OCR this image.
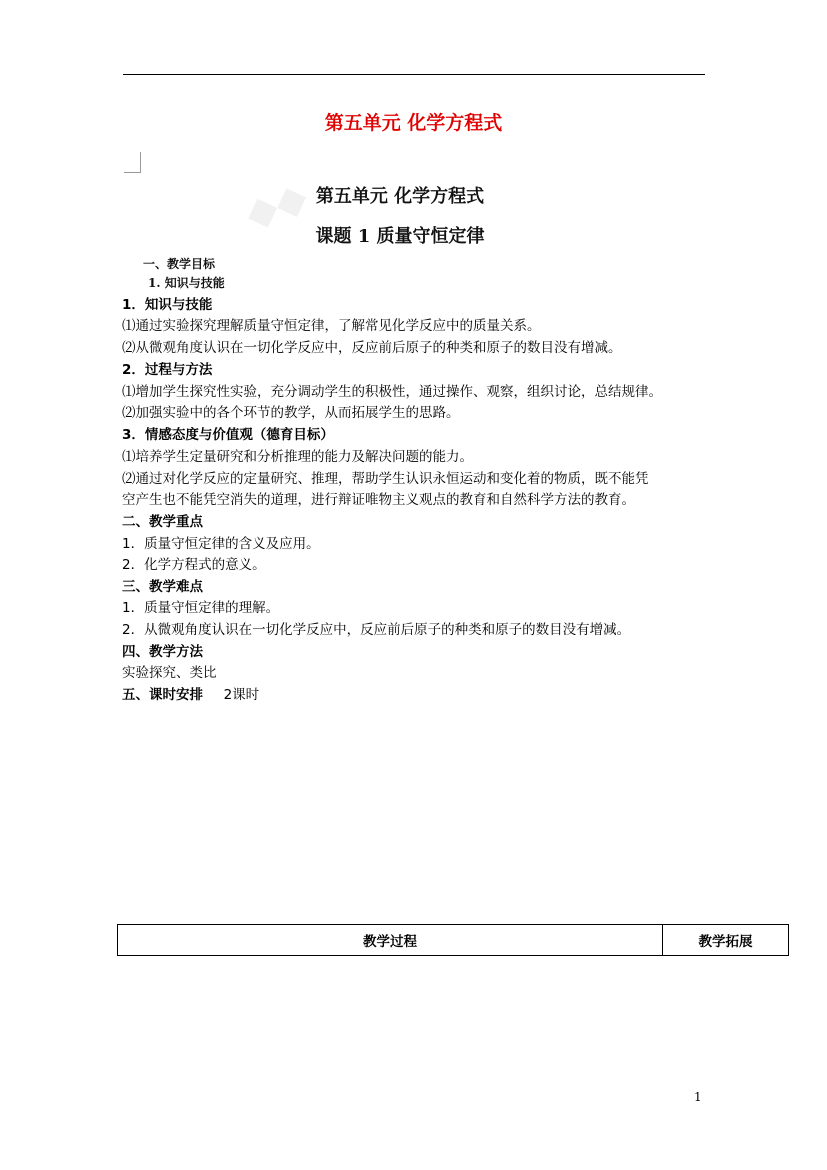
第五单元 化学方程式
◆◆ 第五单元 化学方程式
课题 1 质量守恒定律
一、教学目标
1. 知识与技能
1．知识与技能
⑴通过实验探究理解质量守恒定律，了解常见化学反应中的质量关系。
⑵从微观角度认识在一切化学反应中，反应前后原子的种类和原子的数目没有增减。
2．过程与方法
⑴增加学生探究性实验，充分调动学生的积极性，通过操作、观察，组织讨论，总结规律。
⑵加强实验中的各个环节的教学，从而拓展学生的思路。
3．情感态度与价值观（德育目标）
⑴培养学生定量研究和分析推理的能力及解决问题的能力。
⑵通过对化学反应的定量研究、推理，帮助学生认识永恒运动和变化着的物质，既不能凭
空产生也不能凭空消失的道理，进行辩证唯物主义观点的教育和自然科学方法的教育。
二、教学重点
1．质量守恒定律的含义及应用。
2．化学方程式的意义。
三、教学难点
1．质量守恒定律的理解。
2．从微观角度认识在一切化学反应中，反应前后原子的种类和原子的数目没有增减。
四、教学方法
实验探究、类比
五、课时安排 2课时
教学过程	教学拓展
1
